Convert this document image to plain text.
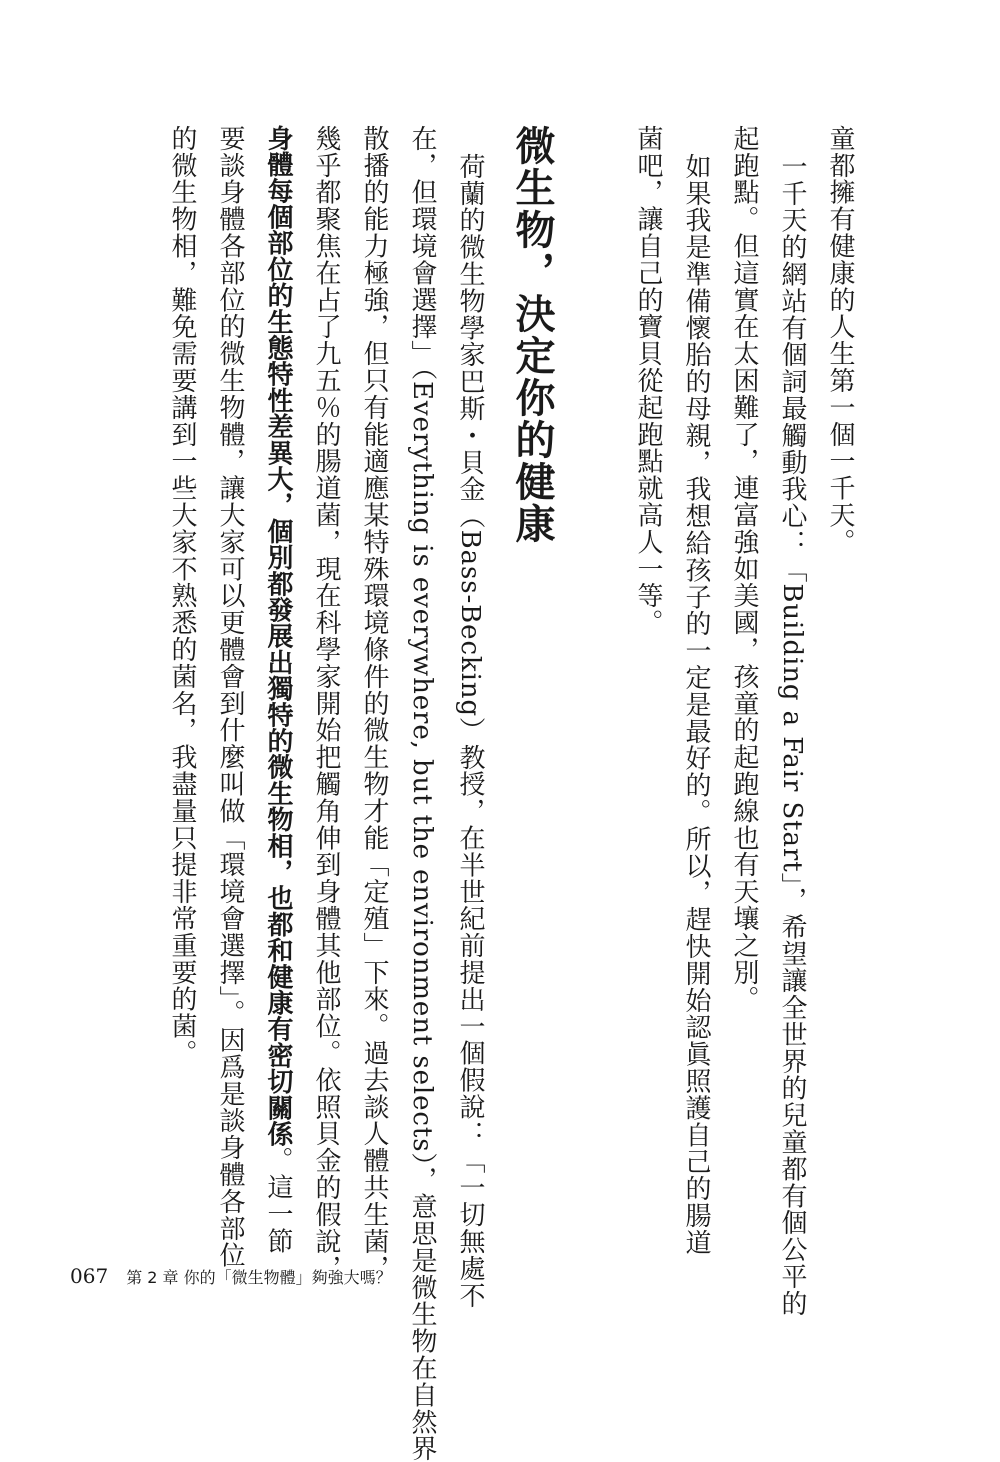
童都擁有健康的人生第一個一千天。
一千天的網站有個詞最觸動我心：「Building a Fair Start」，希望讓全世界的兒童都有個公平的
起跑點。但這實在太困難了，連富強如美國，孩童的起跑線也有天壤之別。
如果我是準備懷胎的母親，我想給孩子的一定是最好的。所以，趕快開始認眞照護自己的腸道
菌吧，讓自己的寶貝從起跑點就高人一等。
微生物，決定你的健康
荷蘭的微生物學家巴斯・貝金（Bass-Becking）教授，在半世紀前提出一個假說：「一切無處不
在，但環境會選擇」（Everything is everywhere, but the environment selects），意思是微生物在自然界
散播的能力極強，但只有能適應某特殊環境條件的微生物才能「定殖」下來。過去談人體共生菌，
幾乎都聚焦在占了九五％的腸道菌，現在科學家開始把觸角伸到身體其他部位。依照貝金的假說，
身體每個部位的生態特性差異大，個別都發展出獨特的微生物相，也都和健康有密切關係。這一節
要談身體各部位的微生物體，讓大家可以更體會到什麼叫做「環境會選擇」。因爲是談身體各部位
的微生物相，難免需要講到一些大家不熟悉的菌名，我盡量只提非常重要的菌。
067 第 2 章 你的「微生物體」夠強大嗎？
